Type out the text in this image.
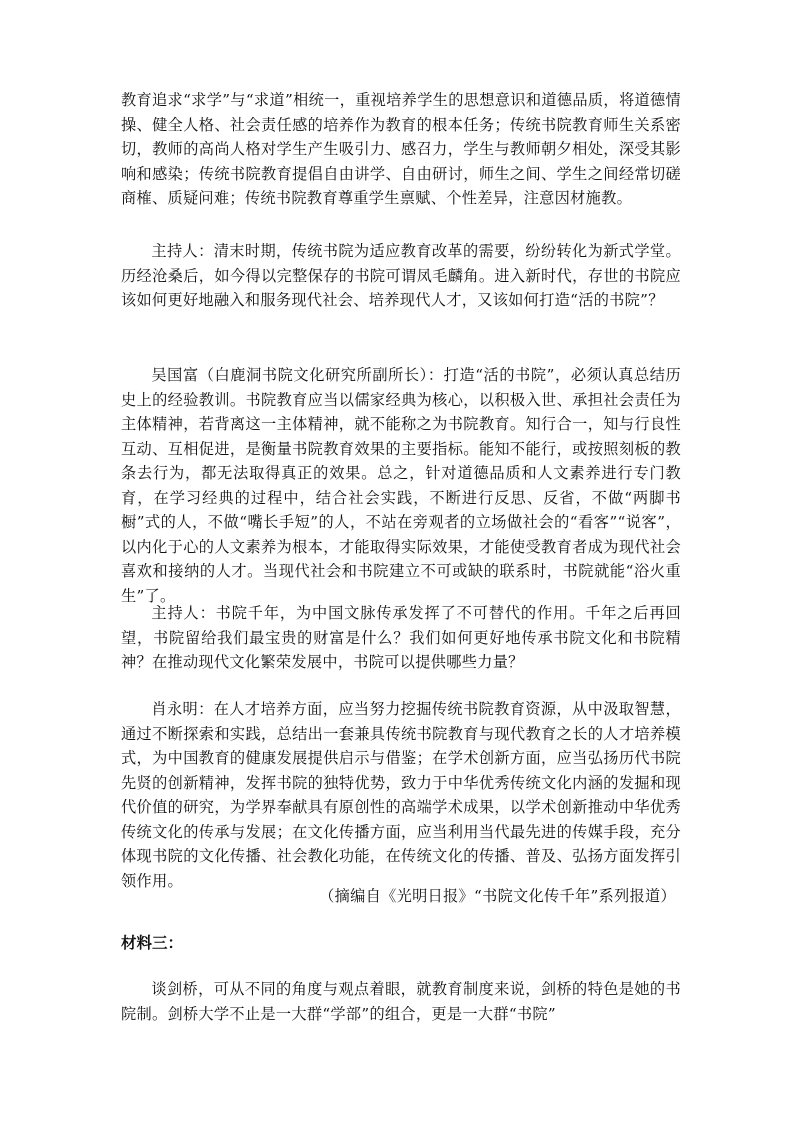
教育追求“求学”与“求道”相统一，重视培养学生的思想意识和道德品质，将道德情操、健全人格、社会责任感的培养作为教育的根本任务；传统书院教育师生关系密切，教师的高尚人格对学生产生吸引力、感召力，学生与教师朝夕相处，深受其影响和感染；传统书院教育提倡自由讲学、自由研讨，师生之间、学生之间经常切磋商榷、质疑问难；传统书院教育尊重学生禀赋、个性差异，注意因材施教。

主持人：清末时期，传统书院为适应教育改革的需要，纷纷转化为新式学堂。历经沧桑后，如今得以完整保存的书院可谓凤毛麟角。进入新时代，存世的书院应该如何更好地融入和服务现代社会、培养现代人才，又该如何打造“活的书院”？

吴国富（白鹿洞书院文化研究所副所长）：打造“活的书院”，必须认真总结历史上的经验教训。书院教育应当以儒家经典为核心，以积极入世、承担社会责任为主体精神，若背离这一主体精神，就不能称之为书院教育。知行合一，知与行良性互动、互相促进，是衡量书院教育效果的主要指标。能知不能行，或按照刻板的教条去行为，都无法取得真正的效果。总之，针对道德品质和人文素养进行专门教育，在学习经典的过程中，结合社会实践，不断进行反思、反省，不做“两脚书橱”式的人，不做“嘴长手短”的人，不站在旁观者的立场做社会的“看客”“说客”，以内化于心的人文素养为根本，才能取得实际效果，才能使受教育者成为现代社会喜欢和接纳的人才。当现代社会和书院建立不可或缺的联系时，书院就能“浴火重生”了。

主持人：书院千年，为中国文脉传承发挥了不可替代的作用。千年之后再回望，书院留给我们最宝贵的财富是什么？我们如何更好地传承书院文化和书院精神？在推动现代文化繁荣发展中，书院可以提供哪些力量？

肖永明：在人才培养方面，应当努力挖掘传统书院教育资源，从中汲取智慧，通过不断探索和实践，总结出一套兼具传统书院教育与现代教育之长的人才培养模式，为中国教育的健康发展提供启示与借鉴；在学术创新方面，应当弘扬历代书院先贤的创新精神，发挥书院的独特优势，致力于中华优秀传统文化内涵的发掘和现代价值的研究，为学界奉献具有原创性的高端学术成果，以学术创新推动中华优秀传统文化的传承与发展；在文化传播方面，应当利用当代最先进的传媒手段，充分体现书院的文化传播、社会教化功能，在传统文化的传播、普及、弘扬方面发挥引领作用。

（摘编自《光明日报》“书院文化传千年”系列报道）
材料三：

谈剑桥，可从不同的角度与观点着眼，就教育制度来说，剑桥的特色是她的书院制。剑桥大学不止是一大群“学部”的组合，更是一大群“书院”
